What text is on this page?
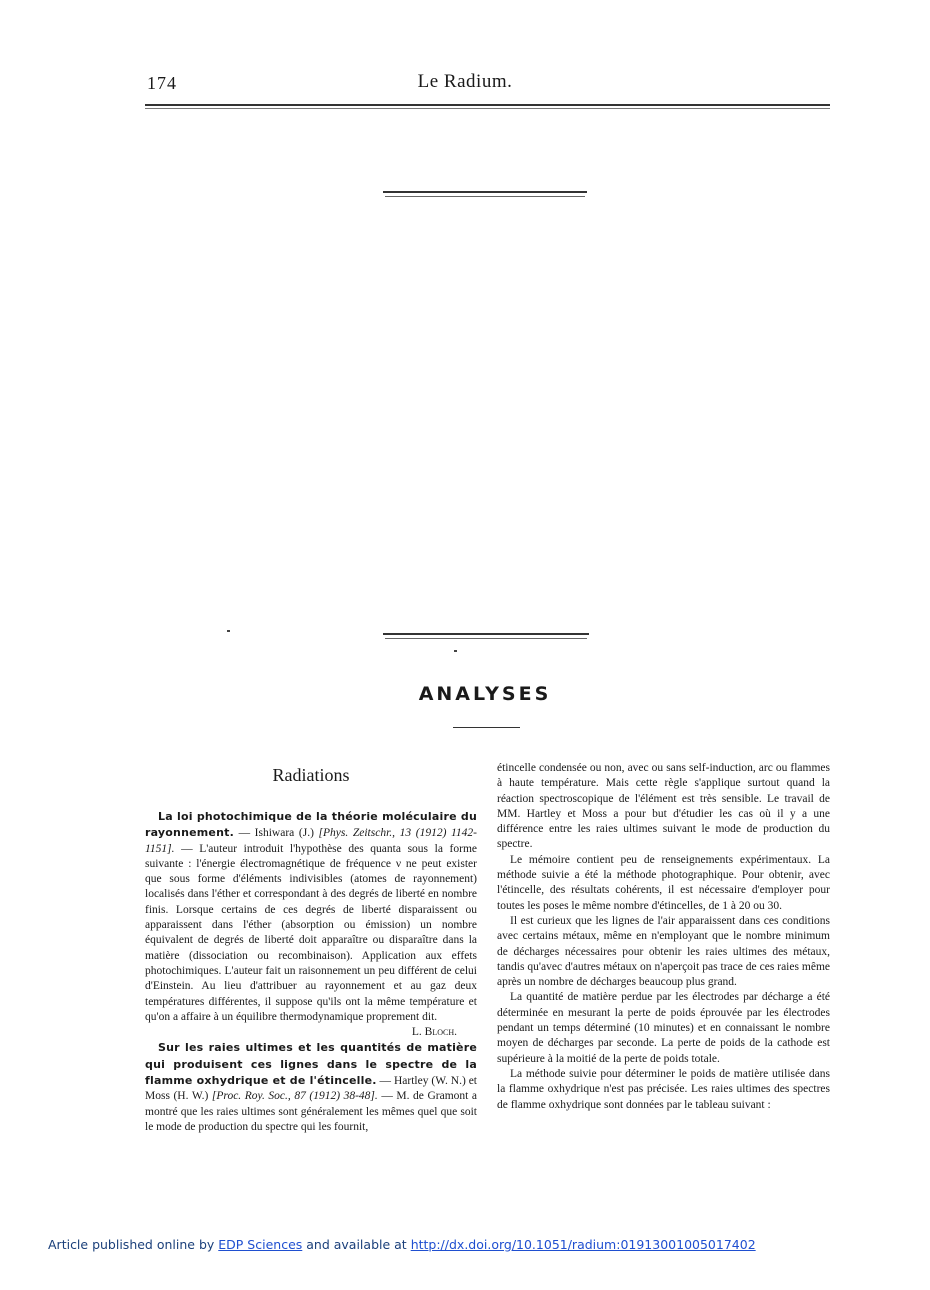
174	Le Radium.
ANALYSES
Radiations

La loi photochimique de la théorie moléculaire du rayonnement. — Ishiwara (J.) [Phys. Zeitschr., 13 (1912) 1142-1151]. — L'auteur introduit l'hypothèse des quanta sous la forme suivante : l'énergie électromagnétique de fréquence ν ne peut exister que sous forme d'éléments indivisibles (atomes de rayonnement) localisés dans l'éther et correspondant à des degrés de liberté en nombre finis. Lorsque certains de ces degrés de liberté disparaissent ou apparaissent dans l'éther (absorption ou émission) un nombre équivalent de degrés de liberté doit apparaître ou disparaître dans la matière (dissociation ou recombinaison). Application aux effets photochimiques. L'auteur fait un raisonnement un peu différent de celui d'Einstein. Au lieu d'attribuer au rayonnement et au gaz deux températures différentes, il suppose qu'ils ont la même température et qu'on a affaire à un équilibre thermodynamique proprement dit.
L. Bloch.

Sur les raies ultimes et les quantités de matière qui produisent ces lignes dans le spectre de la flamme oxhydrique et de l'étincelle. — Hartley (W. N.) et Moss (H. W.) [Proc. Roy. Soc., 87 (1912) 38-48]. — M. de Gramont a montré que les raies ultimes sont généralement les mêmes quel que soit le mode de production du spectre qui les fournit,

étincelle condensée ou non, avec ou sans self-induction, arc ou flammes à haute température. Mais cette règle s'applique surtout quand la réaction spectroscopique de l'élément est très sensible. Le travail de MM. Hartley et Moss a pour but d'étudier les cas où il y a une différence entre les raies ultimes suivant le mode de production du spectre.

Le mémoire contient peu de renseignements expérimentaux. La méthode suivie a été la méthode photographique. Pour obtenir, avec l'étincelle, des résultats cohérents, il est nécessaire d'employer pour toutes les poses le même nombre d'étincelles, de 1 à 20 ou 30.

Il est curieux que les lignes de l'air apparaissent dans ces conditions avec certains métaux, même en n'employant que le nombre minimum de décharges nécessaires pour obtenir les raies ultimes des métaux, tandis qu'avec d'autres métaux on n'aperçoit pas trace de ces raies même après un nombre de décharges beaucoup plus grand.

La quantité de matière perdue par les électrodes par décharge a été déterminée en mesurant la perte de poids éprouvée par les électrodes pendant un temps déterminé (10 minutes) et en connaissant le nombre moyen de décharges par seconde. La perte de poids de la cathode est supérieure à la moitié de la perte de poids totale.

La méthode suivie pour déterminer le poids de matière utilisée dans la flamme oxhydrique n'est pas précisée. Les raies ultimes des spectres de flamme oxhydrique sont données par le tableau suivant :

Article published online by EDP Sciences and available at http://dx.doi.org/10.1051/radium:01913001005017402
